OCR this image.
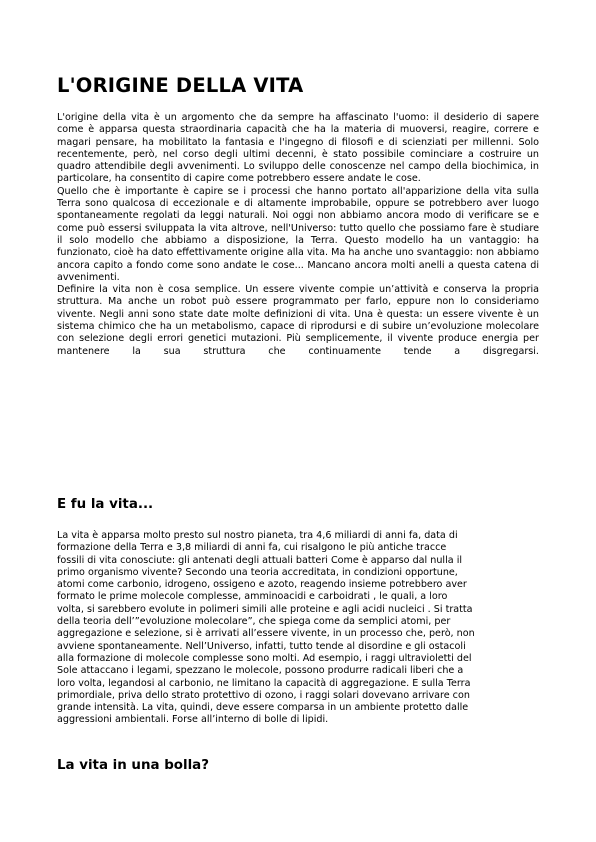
L'ORIGINE DELLA VITA

L'origine della vita è un argomento che da sempre ha affascinato l'uomo: il desiderio di sapere come è apparsa questa straordinaria capacità che ha la materia di muoversi, reagire, correre e magari pensare, ha mobilitato la fantasia e l'ingegno di filosofi e di scienziati per millenni. Solo recentemente, però, nel corso degli ultimi decenni, è stato possibile cominciare a costruire un quadro attendibile degli avvenimenti. Lo sviluppo delle conoscenze nel campo della biochimica, in particolare, ha consentito di capire come potrebbero essere andate le cose.

Quello che è importante è capire se i processi che hanno portato all'apparizione della vita sulla Terra sono qualcosa di eccezionale e di altamente improbabile, oppure se potrebbero aver luogo spontaneamente regolati da leggi naturali. Noi oggi non abbiamo ancora modo di verificare se e come può essersi sviluppata la vita altrove, nell'Universo: tutto quello che possiamo fare è studiare il solo modello che abbiamo a disposizione, la Terra. Questo modello ha un vantaggio: ha funzionato, cioè ha dato effettivamente origine alla vita. Ma ha anche uno svantaggio: non abbiamo ancora capito a fondo come sono andate le cose... Mancano ancora molti anelli a questa catena di avvenimenti.

Definire la vita non è cosa semplice. Un essere vivente compie un’attività e conserva la propria struttura. Ma anche un robot può essere programmato per farlo, eppure non lo consideriamo vivente. Negli anni sono state date molte definizioni di vita. Una è questa: un essere vivente è un sistema chimico che ha un metabolismo, capace di riprodursi e di subire un’evoluzione molecolare con selezione degli errori genetici mutazioni. Più semplicemente, il vivente produce energia per mantenere la sua struttura che continuamente tende a disgregarsi.

E fu la vita...

La vita è apparsa molto presto sul nostro pianeta, tra 4,6 miliardi di anni fa, data di

formazione della Terra e 3,8 miliardi di anni fa, cui risalgono le più antiche tracce

fossili di vita conosciute: gli antenati degli attuali batteri Come è apparso dal nulla il

primo organismo vivente? Secondo una teoria accreditata, in condizioni opportune,

atomi come carbonio, idrogeno, ossigeno e azoto, reagendo insieme potrebbero aver

formato le prime molecole complesse, amminoacidi e carboidrati , le quali, a loro

volta, si sarebbero evolute in polimeri simili alle proteine e agli acidi nucleici . Si tratta

della teoria dell’”evoluzione molecolare”, che spiega come da semplici atomi, per

aggregazione e selezione, si è arrivati all’essere vivente, in un processo che, però, non

avviene spontaneamente. Nell’Universo, infatti, tutto tende al disordine e gli ostacoli

alla formazione di molecole complesse sono molti. Ad esempio, i raggi ultravioletti del

Sole attaccano i legami, spezzano le molecole, possono produrre radicali liberi che a

loro volta, legandosi al carbonio, ne limitano la capacità di aggregazione. E sulla Terra

primordiale, priva dello strato protettivo di ozono, i raggi solari dovevano arrivare con

grande intensità. La vita, quindi, deve essere comparsa in un ambiente protetto dalle

aggressioni ambientali. Forse all’interno di bolle di lipidi.

La vita in una bolla?
